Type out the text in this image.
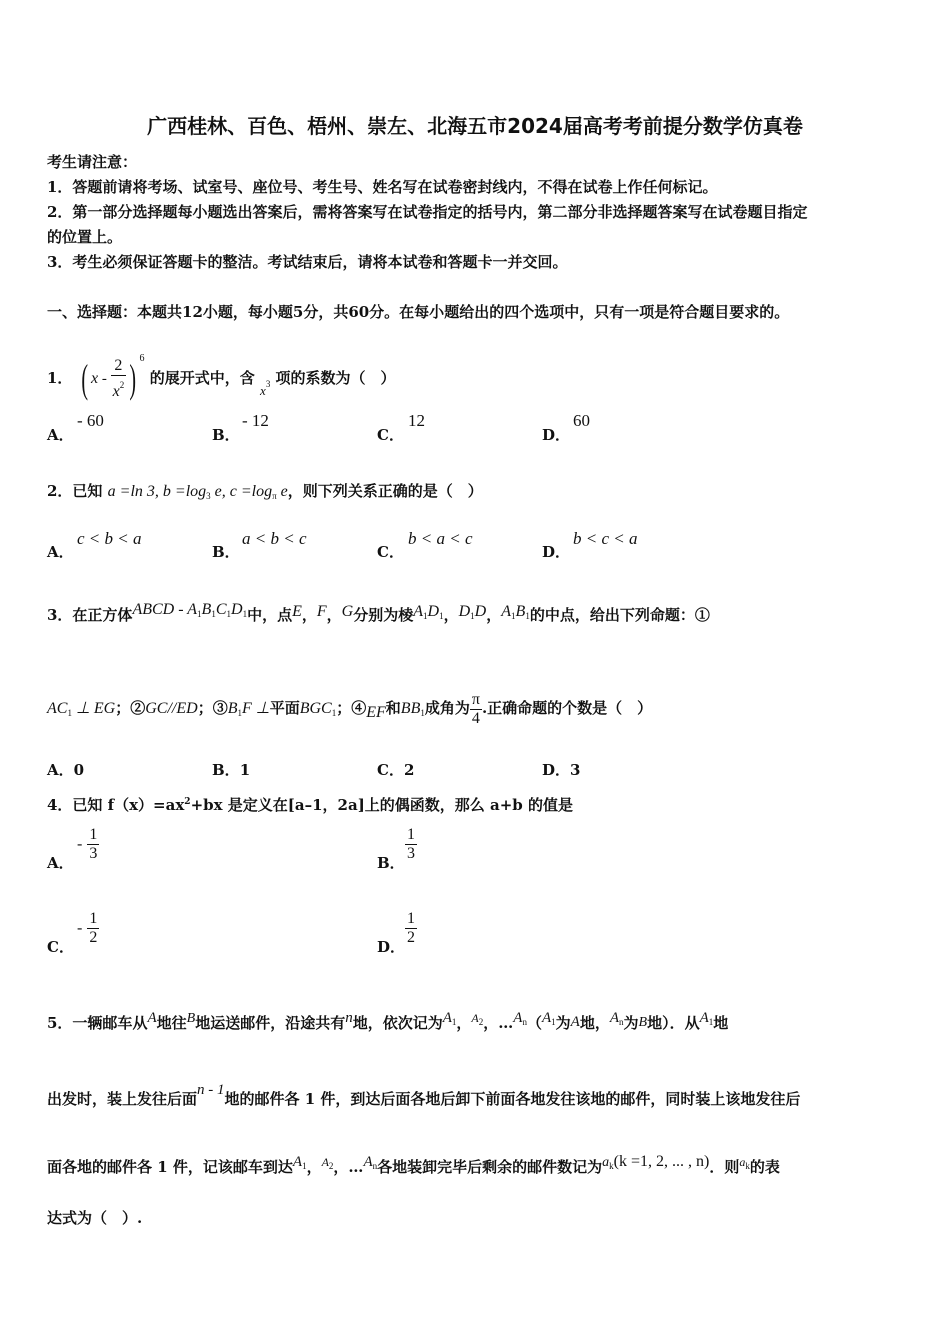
广西桂林、百色、梧州、崇左、北海五市2024届高考考前提分数学仿真卷
考生请注意：
1．答题前请将考场、试室号、座位号、考生号、姓名写在试卷密封线内，不得在试卷上作任何标记。
2．第一部分选择题每小题选出答案后，需将答案写在试卷指定的括号内，第二部分非选择题答案写在试卷题目指定
的位置上。
3．考生必须保证答题卡的整洁。考试结束后，请将本试卷和答题卡一并交回。
一、选择题：本题共12小题，每小题5分，共60分。在每小题给出的四个选项中，只有一项是符合题目要求的。
1． ( x - $\frac{2}{x^2}$ ) $^6$ 的展开式中，含 $x^3$ 项的系数为（　）
A．
- 60
B．
- 12
C．
12
D．
60
2．已知 a =ln 3, $b =\log_3$ e, $c =\log_\pi$ e，则下列关系正确的是（　）
A．
c < b < a
B．
a < b < c
C．
b < a < c
D．
b < c < a
3．在正方体ABCD - $A_1B_1C_1D_1$中，点E，F，G分别为棱$A_1D_1$，$D_1D$，$A_1B_1$的中点，给出下列命题：①
$AC_1$ ⊥ EG；②GC//ED；$③B_1F$ ⊥平面$BGC_1$；④EF和$BB_1$成角为 $\frac{\pi}{4}$ .正确命题的个数是（　）
A．0	B．1	C．2	D．3
4．已知 $f(x)=ax^2+bx$ 是定义在[a–1，2a]上的偶函数，那么 a+b 的值是
A．
- $\frac{1}{3}$	B． $\frac{1}{3}$
C．
- $\frac{1}{2}$	D． $\frac{1}{2}$
5．一辆邮车从A地往B地运送邮件，沿途共有n地，依次记为$A_1$，$^{A_2}$，$\dots A_n(A_1$为A地，$A_n$为B地）．从$A_1$地
出发时，装上发往后面n - 1地的邮件各 1 件，到达后面各地后卸下前面各地发往该地的邮件，同时装上该地发往后
面各地的邮件各 1 件，记该邮车到达$A_1$，$^{A_2}$，$\dots A_n$各地装卸完毕后剩余的邮件数记为$a_k(k =1$, 2, ... , n)．则$^{a_k}$的表
达式为（　）.
